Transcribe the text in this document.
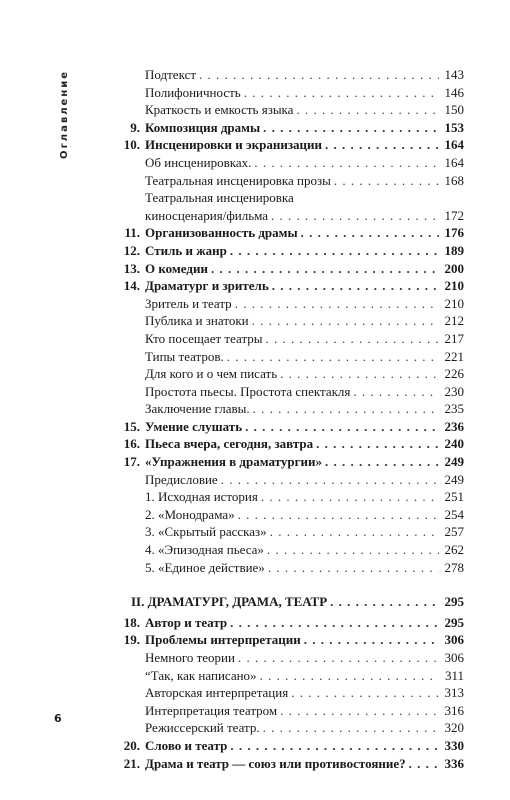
Оглавление	Подтекст . . .	143
Полифоничность . . .	146
Краткость и емкость языка . . .	150
9. Композиция драмы . . .	153
10. Инсценировки и экранизации . . .	164
Об инсценировках. . . .	164
Театральная инсценировка прозы . . .	168
Театральная инсценировка
киносценария/фильма . . .	172
11. Организованность драмы . . .	176
12. Стиль и жанр . . .	189
13. О комедии . . .	200
14. Драматург и зритель . . .	210
Зритель и театр . . .	210
Публика и знатоки . . .	212
Кто посещает театры . . .	217
Типы театров. . . .	221
Для кого и о чем писать . . .	226
Простота пьесы. Простота спектакля . . .	230
Заключение главы. . . .	235
15. Умение слушать . . .	236
16. Пьеса вчера, сегодня, завтра . . .	240
17. «Упражнения в драматургии» . . .	249
Предисловие . . .	249
1. Исходная история . . .	251
2. «Монодрама» . . .	254
3. «Скрытый рассказ» . . .	257
4. «Эпизодная пьеса» . . .	262
5. «Единое действие» . . .	278
II. ДРАМАТУРГ, ДРАМА, ТЕАТР . . .	295
18. Автор и театр . . .	295
19. Проблемы интерпретации . . .	306
Немного теории . . .	306
“Так, как написано» . . .	311
Авторская интерпретация . . .	313
Интерпретация театром . . .	316
Режиссерский театр. . . .	320
20. Слово и театр . . .	330
21. Драма и театр — союз или противостояние? . . .	336
6
